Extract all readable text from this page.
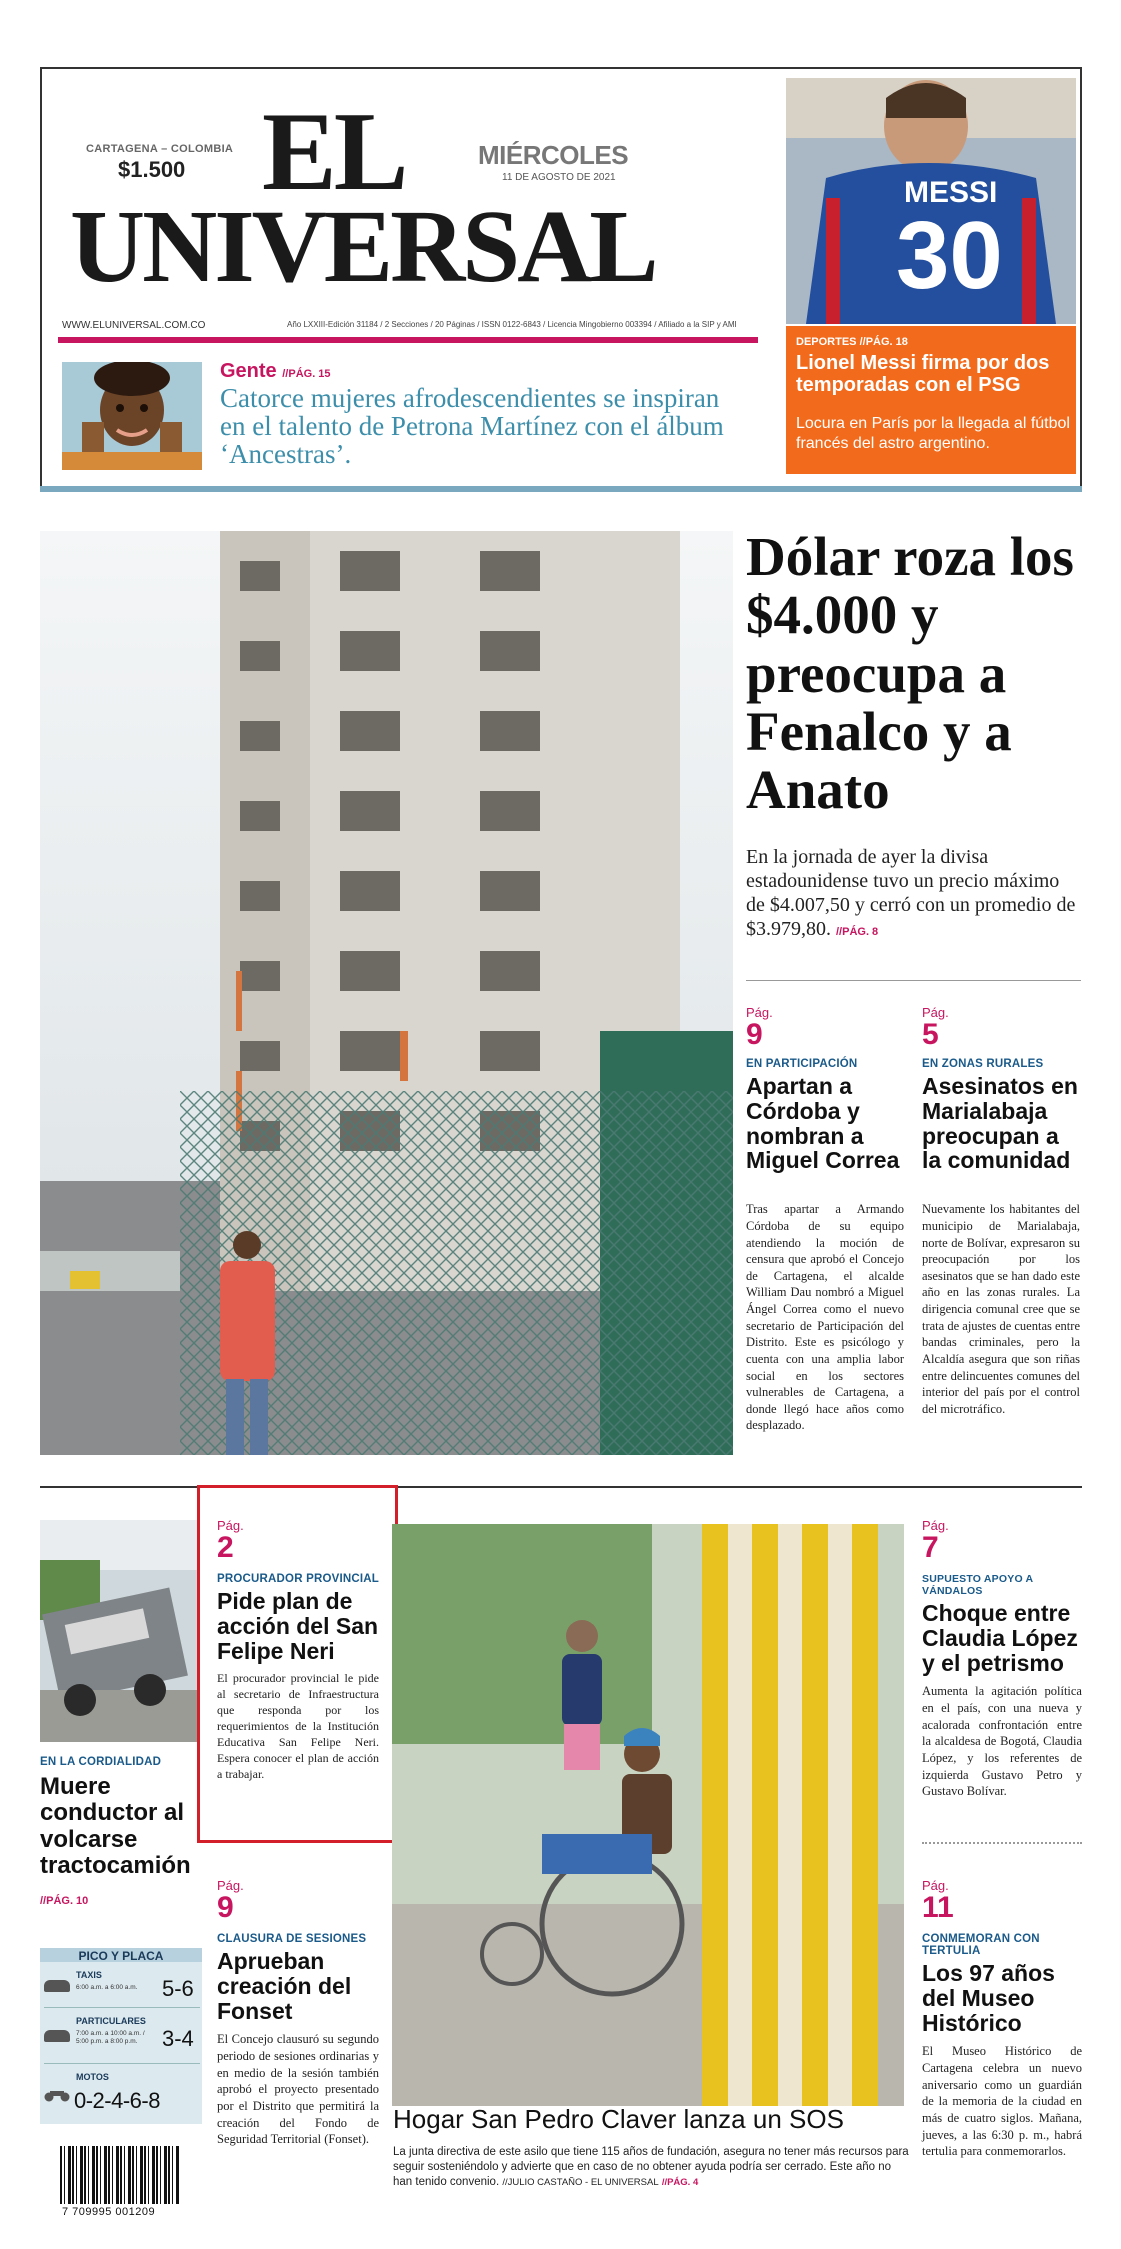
CARTAGENA – COLOMBIA
$1.500 EL
UNIVERSAL
MIÉRCOLES
11 DE AGOSTO DE 2021
WWW.ELUNIVERSAL.COM.CO	Año LXXIII-Edición 31184 / 2 Secciones / 20 Páginas / ISSN 0122-6843 / Licencia Mingobierno 003394 / Afiliado a la SIP y AMI
Gente //PÁG. 15
Catorce mujeres afrodescendientes se inspiran en el talento de Petrona Martínez con el álbum ‘Ancestras’.
MESSI
30
DEPORTES //PÁG. 18
Lionel Messi firma por dos temporadas con el PSG
Locura en París por la llegada al fútbol francés del astro argentino.
Dólar roza los $4.000 y preocupa a Fenalco y a Anato
En la jornada de ayer la divisa estadounidense tuvo un precio máximo de $4.007,50 y cerró con un promedio de $3.979,80. //PÁG. 8
Pág.
9
EN PARTICIPACIÓN
Apartan a Córdoba y nombran a Miguel Correa
Tras apartar a Armando Córdoba de su equipo atendiendo la moción de censura que aprobó el Concejo de Cartagena, el alcalde William Dau nombró a Miguel Ángel Correa como el nuevo secretario de Participación del Distrito. Este es psicólogo y cuenta con una amplia labor social en los sectores vulnerables de Cartagena, a donde llegó hace años como desplazado.
Pág.
5
EN ZONAS RURALES
Asesinatos en Marialabaja preocupan a la comunidad
Nuevamente los habitantes del municipio de Marialabaja, norte de Bolívar, expresaron su preocupación por los asesinatos que se han dado este año en las zonas rurales. La dirigencia comunal cree que se trata de ajustes de cuentas entre bandas criminales, pero la Alcaldía asegura que son riñas entre delincuentes comunes del interior del país por el control del microtráfico.
EN LA CORDIALIDAD
Muere conductor al volcarse tractocamión
//PÁG. 10
PICO Y PLACA
TAXIS
6:00 a.m. a 6:00 a.m.	5-6
PARTICULARES
7:00 a.m. a 10:00 a.m. / 5:00 p.m. a 8:00 p.m.	3-4
MOTOS
0-2-4-6-8
7 709995 001209
Pág.
2
PROCURADOR PROVINCIAL
Pide plan de acción del San Felipe Neri
El procurador provincial le pide al secretario de Infraestructura que responda por los requerimientos de la Institución Educativa San Felipe Neri. Espera conocer el plan de acción a trabajar.
Pág.
9
CLAUSURA DE SESIONES
Aprueban creación del Fonset
El Concejo clausuró su segundo periodo de sesiones ordinarias y en medio de la sesión también aprobó el proyecto presentado por el Distrito que permitirá la creación del Fondo de Seguridad Territorial (Fonset).
Hogar San Pedro Claver lanza un SOS
La junta directiva de este asilo que tiene 115 años de fundación, asegura no tener más recursos para seguir sosteniéndolo y advierte que en caso de no obtener ayuda podría ser cerrado. Este año no han tenido convenio. //JULIO CASTAÑO - EL UNIVERSAL //PÁG. 4
Pág.
7
SUPUESTO APOYO A VÁNDALOS
Choque entre Claudia López y el petrismo
Aumenta la agitación política en el país, con una nueva y acalorada confrontación entre la alcaldesa de Bogotá, Claudia López, y los referentes de izquierda Gustavo Petro y Gustavo Bolívar.
Pág.
11
CONMEMORAN CON TERTULIA
Los 97 años del Museo Histórico
El Museo Histórico de Cartagena celebra un nuevo aniversario como un guardián de la memoria de la ciudad en más de cuatro siglos. Mañana, jueves, a las 6:30 p. m., habrá tertulia para conmemorarlos.
